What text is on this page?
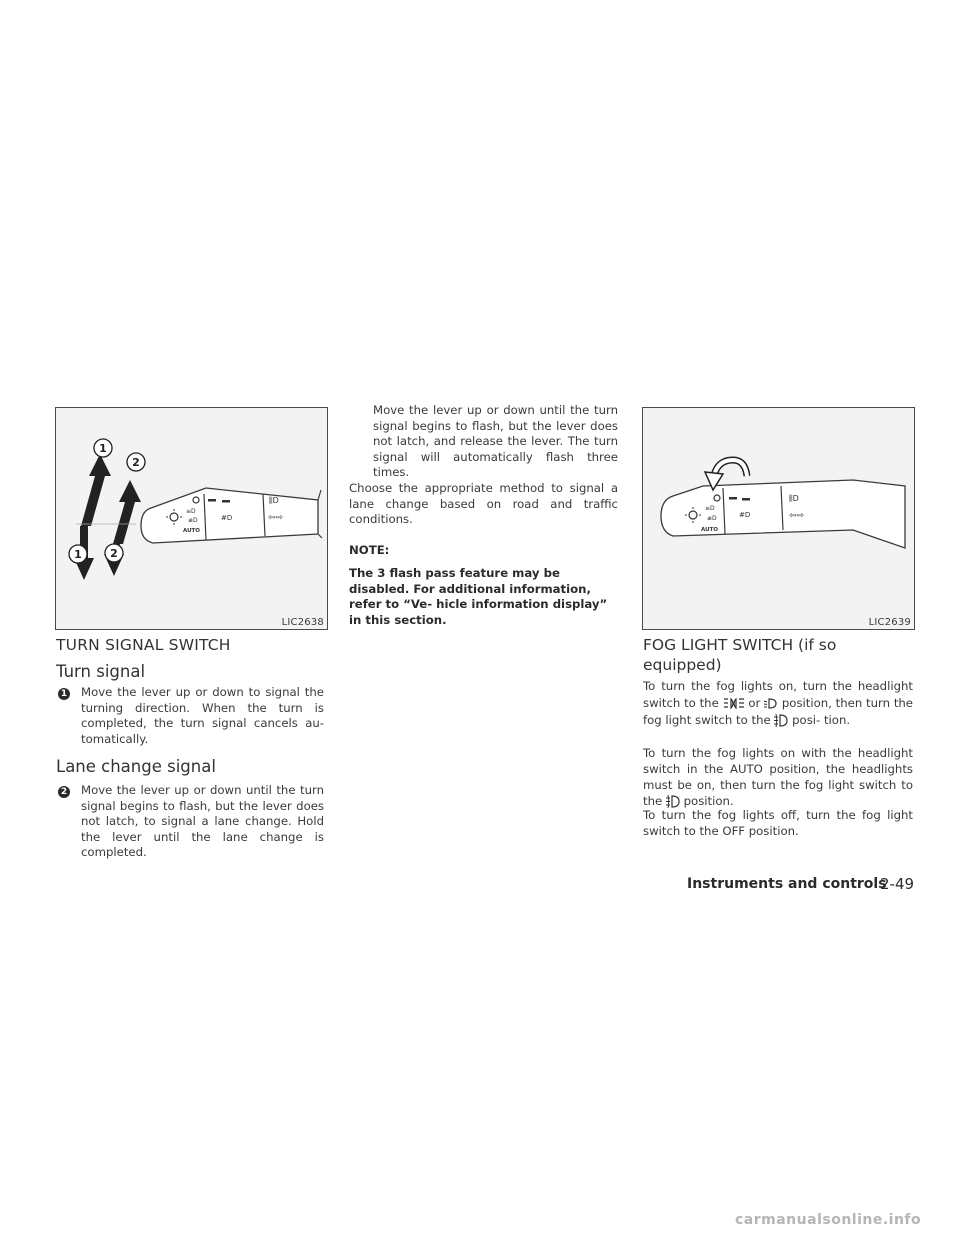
≡D
≢D	#D
AUTO
⫼D
⇦⇨
1
2
1	2
LIC2638
≡D
≢D	#D
AUTO
⫼D
⇦⇨
LIC2639
TURN SIGNAL SWITCH
Turn signal
1 Move the lever up or down to signal the turning direction. When the turn is completed, the turn signal cancels au- tomatically.

Lane change signal
2 Move the lever up or down until the turn signal begins to flash, but the lever does not latch, to signal a lane change. Hold the lever until the lane change is completed.

Move the lever up or down until the turn signal begins to flash, but the lever does not latch, and release the lever. The turn signal will automatically flash three times.

Choose the appropriate method to signal a lane change based on road and traffic conditions.

NOTE:

The 3 flash pass feature may be disabled. For additional information, refer to “Ve- hicle information display” in this section.

FOG LIGHT SWITCH (if so equipped)

To turn the fog lights on, turn the headlight switch to the	or position, then turn the fog light switch to the posi- tion.

To turn the fog lights on with the headlight switch in the AUTO position, the headlights must be on, then turn the fog light switch to the position.

To turn the fog lights off, turn the fog light switch to the OFF position.

Instruments and controls
2-49
carmanualsonline.info
